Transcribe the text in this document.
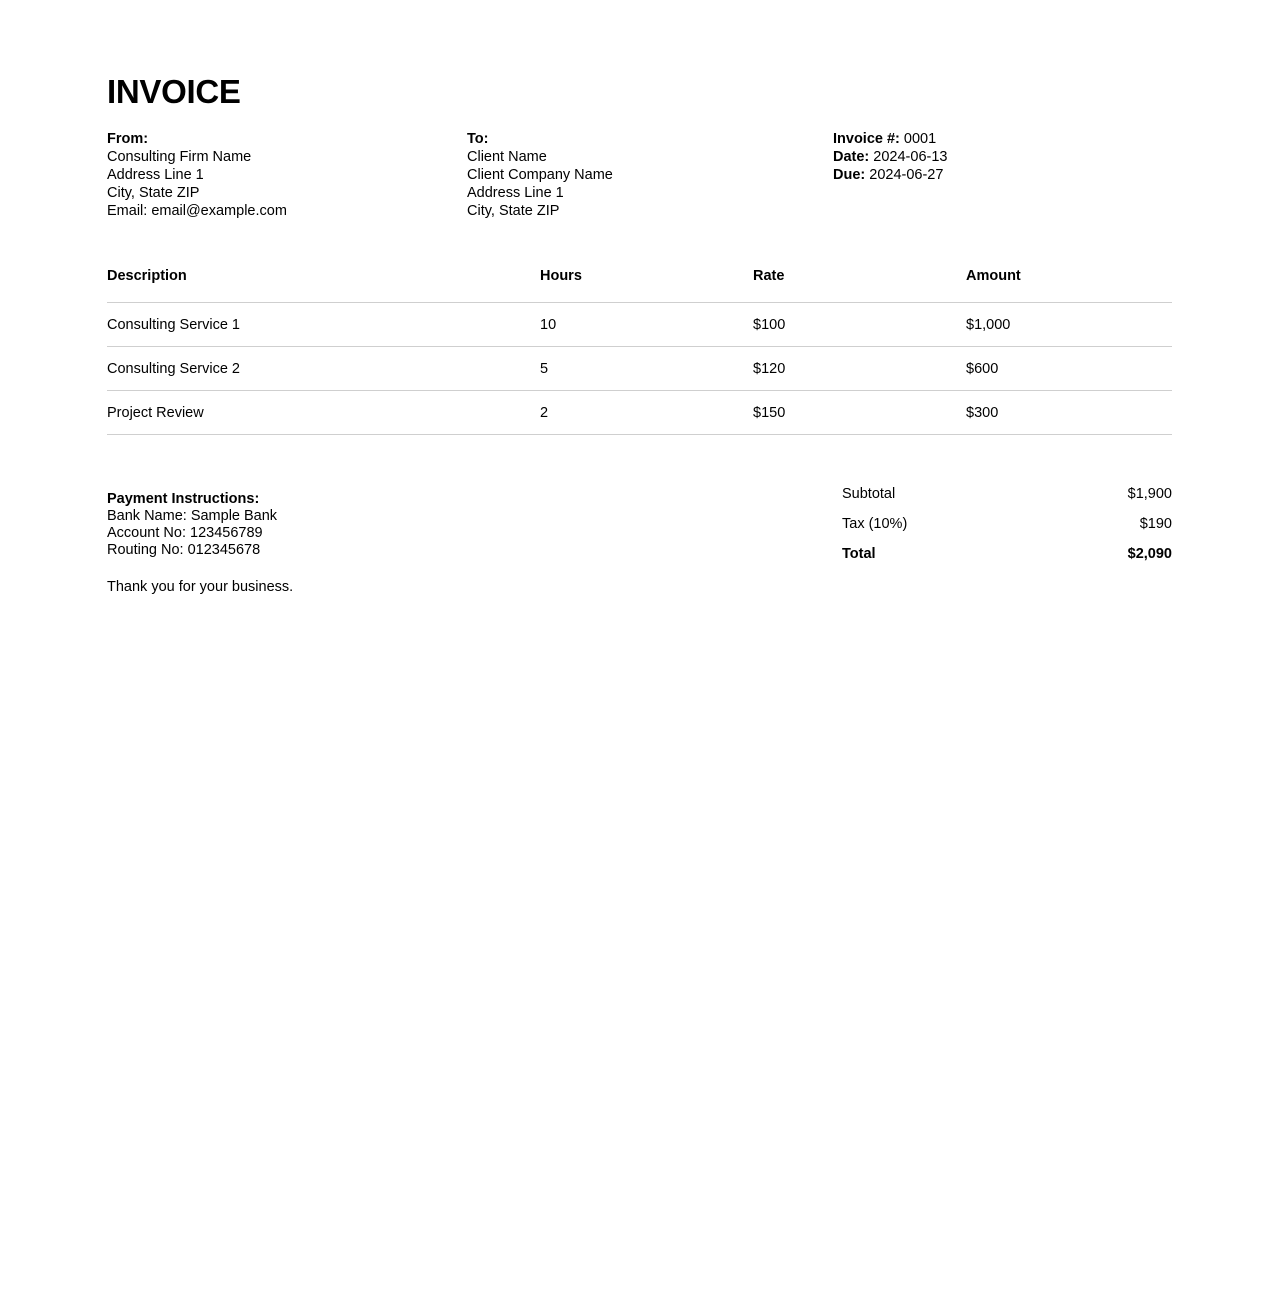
INVOICE
From:
Consulting Firm Name
Address Line 1
City, State ZIP
Email: email@example.com
To:
Client Name
Client Company Name
Address Line 1
City, State ZIP
Invoice #: 0001
Date: 2024-06-13
Due: 2024-06-27
Description	Hours	Rate	Amount
Consulting Service 1	10	$100	$1,000
Consulting Service 2	5	$120	$600
Project Review	2	$150	$300
Payment Instructions:
Bank Name: Sample Bank
Account No: 123456789
Routing No: 012345678
Thank you for your business.
Subtotal	$1,900
Tax (10%)	$190
Total	$2,090
